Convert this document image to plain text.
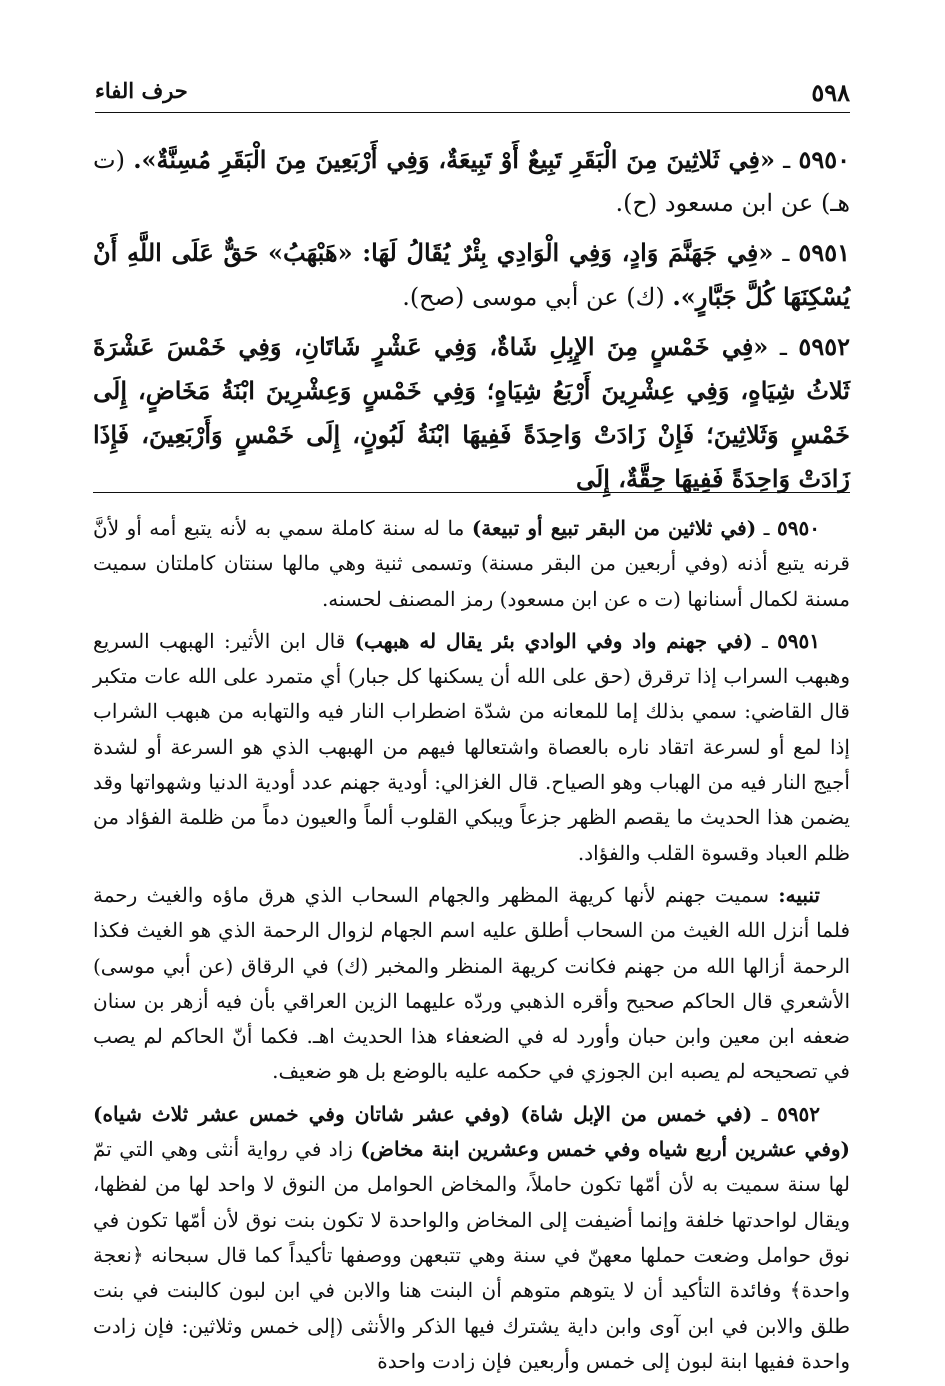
٥٩٨
حرف الفاء

٥٩٥٠ ـ «فِي ثَلاثِينَ مِنَ الْبَقَرِ تَبِيعٌ أَوْ تَبِيعَةٌ، وَفِي أَرْبَعِينَ مِنَ الْبَقَرِ مُسِنَّةٌ». (ت هـ) عن ابن مسعود (ح).

٥٩٥١ ـ «فِي جَهَنَّمَ وَادٍ، وَفِي الْوَادِي بِئْرٌ يُقَالُ لَهَا: «هَبْهَبُ» حَقٌّ عَلَى اللَّهِ أَنْ يُسْكِنَهَا كُلَّ جَبَّارٍ». (ك) عن أبي موسى (صح).

٥٩٥٢ ـ «فِي خَمْسٍ مِنَ الإِبِلِ شَاةٌ، وَفِي عَشْرٍ شَاتَانِ، وَفِي خَمْسَ عَشْرَةَ ثَلاثُ شِيَاهٍ، وَفِي عِشْرِينَ أَرْبَعُ شِيَاهٍ؛ وَفِي خَمْسٍ وَعِشْرِينَ ابْنَةُ مَخَاضٍ، إِلَى خَمْسٍ وَثَلاثِينَ؛ فَإِنْ زَادَتْ وَاحِدَةً فَفِيهَا ابْنَةُ لَبُونٍ، إِلَى خَمْسٍ وَأَرْبَعِينَ، فَإِذَا زَادَتْ وَاحِدَةً فَفِيهَا حِقَّةٌ، إِلَى

٥٩٥٠ ـ (في ثلاثين من البقر تبيع أو تبيعة) ما له سنة كاملة سمي به لأنه يتبع أمه أو لأنَّ قرنه يتبع أذنه (وفي أربعين من البقر مسنة) وتسمى ثنية وهي مالها سنتان كاملتان سميت مسنة لكمال أسنانها (ت ه عن ابن مسعود) رمز المصنف لحسنه.

٥٩٥١ ـ (في جهنم واد وفي الوادي بئر يقال له هبهب) قال ابن الأثير: الهبهب السريع وهبهب السراب إذا ترقرق (حق على الله أن يسكنها كل جبار) أي متمرد على الله عات متكبر قال القاضي: سمي بذلك إما للمعانه من شدّة اضطراب النار فيه والتهابه من هبهب الشراب إذا لمع أو لسرعة اتقاد ناره بالعصاة واشتعالها فيهم من الهبهب الذي هو السرعة أو لشدة أجيج النار فيه من الهباب وهو الصياح. قال الغزالي: أودية جهنم عدد أودية الدنيا وشهواتها وقد يضمن هذا الحديث ما يقصم الظهر جزعاً ويبكي القلوب ألماً والعيون دماً من ظلمة الفؤاد من ظلم العباد وقسوة القلب والفؤاد.

تنبيه: سميت جهنم لأنها كريهة المظهر والجهام السحاب الذي هرق ماؤه والغيث رحمة فلما أنزل الله الغيث من السحاب أطلق عليه اسم الجهام لزوال الرحمة الذي هو الغيث فكذا الرحمة أزالها الله من جهنم فكانت كريهة المنظر والمخبر (ك) في الرقاق (عن أبي موسى) الأشعري قال الحاكم صحيح وأقره الذهبي وردّه عليهما الزين العراقي بأن فيه أزهر بن سنان ضعفه ابن معين وابن حبان وأورد له في الضعفاء هذا الحديث اهـ. فكما أنّ الحاكم لم يصب في تصحيحه لم يصبه ابن الجوزي في حكمه عليه بالوضع بل هو ضعيف.

٥٩٥٢ ـ (في خمس من الإبل شاة) (وفي عشر شاتان وفي خمس عشر ثلاث شياه) (وفي عشرين أربع شياه وفي خمس وعشرين ابنة مخاض) زاد في رواية أنثى وهي التي تمّ لها سنة سميت به لأن أمّها تكون حاملاً، والمخاض الحوامل من النوق لا واحد لها من لفظها، ويقال لواحدتها خلفة وإنما أضيفت إلى المخاض والواحدة لا تكون بنت نوق لأن أمّها تكون في نوق حوامل وضعت حملها معهنّ في سنة وهي تتبعهن ووصفها تأكيداً كما قال سبحانه ﴿نعجة واحدة﴾ وفائدة التأكيد أن لا يتوهم متوهم أن البنت هنا والابن في ابن لبون كالبنت في بنت طلق والابن في ابن آوى وابن داية يشترك فيها الذكر والأنثى (إلى خمس وثلاثين: فإن زادت واحدة ففيها ابنة لبون إلى خمس وأربعين فإن زادت واحدة
